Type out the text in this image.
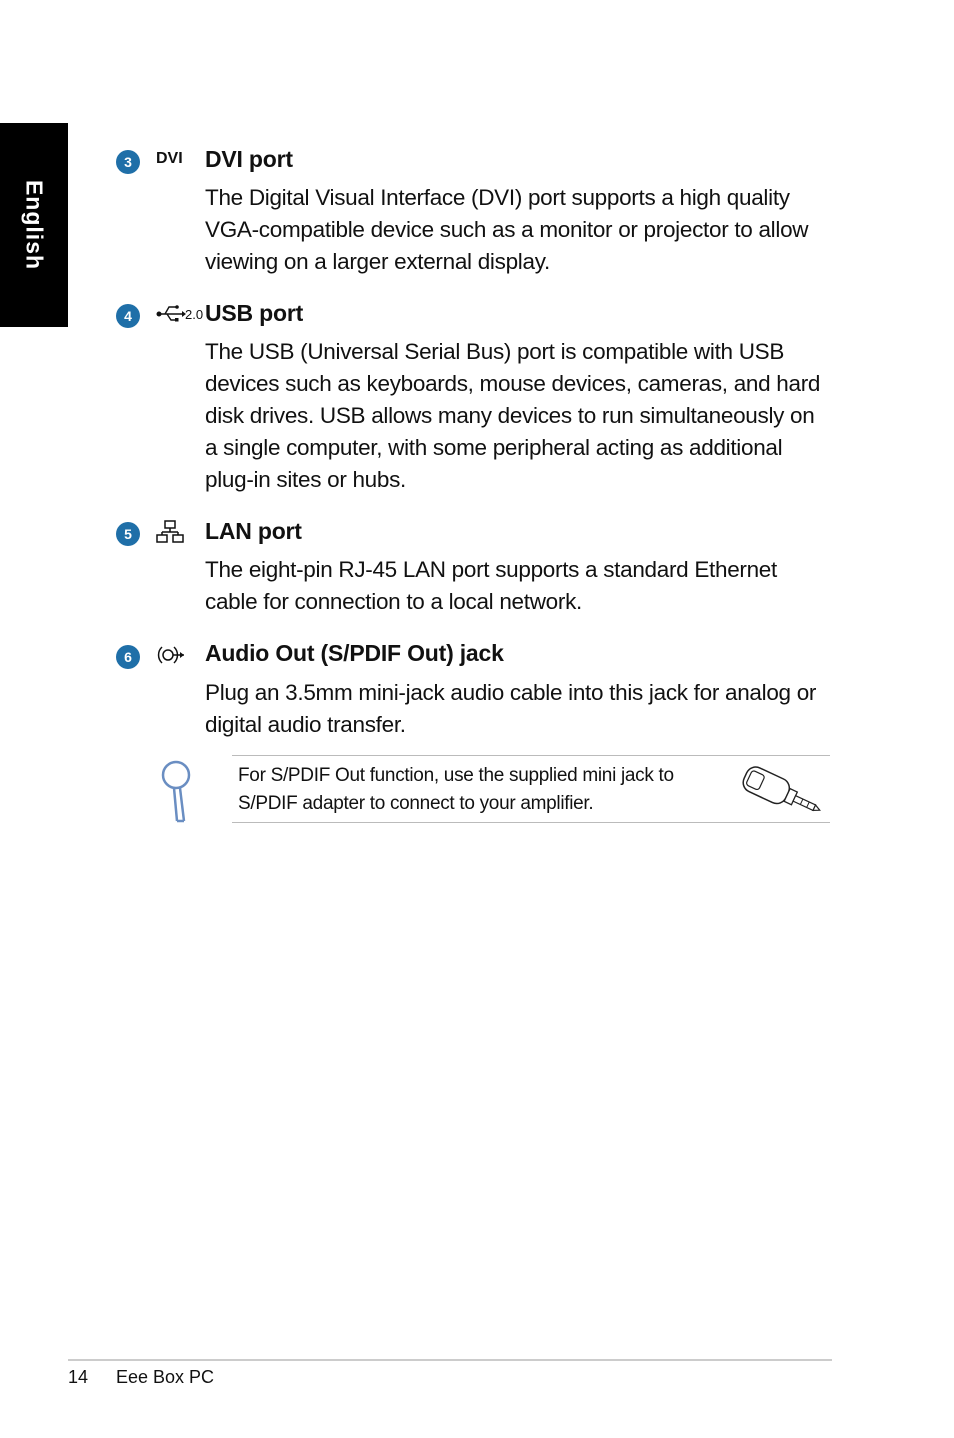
English
3	DVI DVI port
The Digital Visual Interface (DVI) port supports a high quality VGA-compatible device such as a monitor or projector to allow viewing on a larger external display.
4	2.0 USB port
The USB (Universal Serial Bus) port is compatible with USB devices such as keyboards, mouse devices, cameras, and hard disk drives. USB allows many devices to run simultaneously on a single computer, with some peripheral acting as additional plug-in sites or hubs.
5	LAN port
The eight-pin RJ-45 LAN port supports a standard Ethernet cable for connection to a local network.
6	Audio Out (S/PDIF Out) jack
Plug an 3.5mm mini-jack audio cable into this jack for analog or digital audio transfer.
For S/PDIF Out function, use the supplied mini jack to S/PDIF adapter to connect to your amplifier.
14 Eee Box PC
